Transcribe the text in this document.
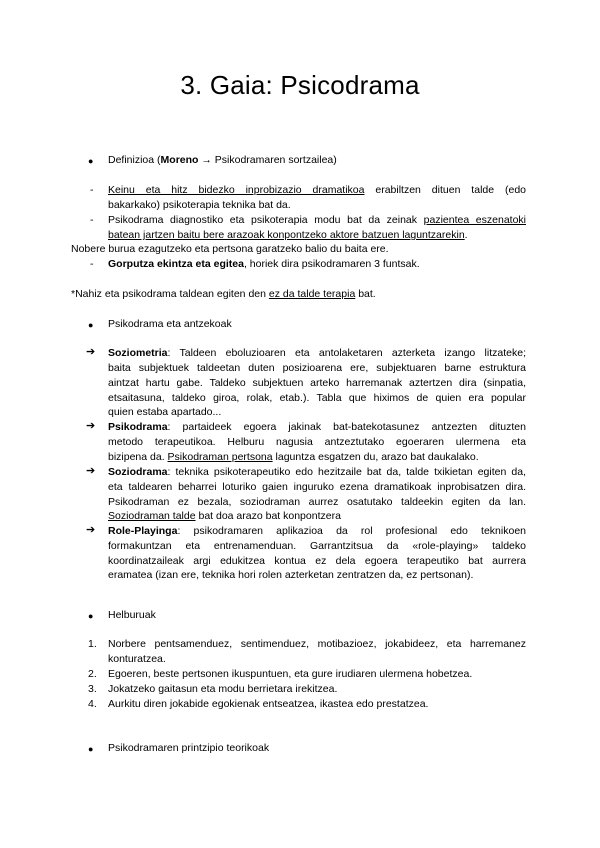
3. Gaia: Psicodrama
● Definizioa (Moreno → Psikodramaren sortzailea)
- Keinu eta hitz bidezko inprobizazio dramatikoa erabiltzen dituen talde (edo
bakarkako) psikoterapia teknika bat da.
- Psikodrama diagnostiko eta psikoterapia modu bat da zeinak pazientea eszenatoki
batean jartzen baitu bere arazoak konpontzeko aktore batzuen laguntzarekin.
Nobere burua ezagutzeko eta pertsona garatzeko balio du baita ere.
- Gorputza ekintza eta egitea, horiek dira psikodramaren 3 funtsak.
*Nahiz eta psikodrama taldean egiten den ez da talde terapia bat.
● Psikodrama eta antzekoak
➔ Soziometria: Taldeen eboluzioaren eta antolaketaren azterketa izango litzateke;
baita subjektuek taldeetan duten posizioarena ere, subjektuaren barne estruktura
aintzat hartu gabe. Taldeko subjektuen arteko harremanak aztertzen dira (sinpatia,
etsaitasuna, taldeko giroa, rolak, etab.). Tabla que hiximos de quien era popular
quien estaba apartado...
➔ Psikodrama: partaideek egoera jakinak bat-batekotasunez antzezten dituzten
metodo terapeutikoa. Helburu nagusia antzeztutako egoeraren ulermena eta
bizipena da. Psikodraman pertsona laguntza esgatzen du, arazo bat daukalako.
➔ Soziodrama: teknika psikoterapeutiko edo hezitzaile bat da, talde txikietan egiten da,
eta taldearen beharrei loturiko gaien inguruko ezena dramatikoak inprobisatzen dira.
Psikodraman ez bezala, soziodraman aurrez osatutako taldeekin egiten da lan.
Soziodraman talde bat doa arazo bat konpontzera
➔ Role-Playinga: psikodramaren aplikazioa da rol profesional edo teknikoen
formakuntzan eta entrenamenduan. Garrantzitsua da «role-playing» taldeko
koordinatzaileak argi edukitzea kontua ez dela egoera terapeutiko bat aurrera
eramatea (izan ere, teknika hori rolen azterketan zentratzen da, ez pertsonan).
● Helburuak
1. Norbere pentsamenduez, sentimenduez, motibazioez, jokabideez, eta harremanez
konturatzea.
2. Egoeren, beste pertsonen ikuspuntuen, eta gure irudiaren ulermena hobetzea.
3. Jokatzeko gaitasun eta modu berrietara irekitzea.
4. Aurkitu diren jokabide egokienak entseatzea, ikastea edo prestatzea.
● Psikodramaren printzipio teorikoak
